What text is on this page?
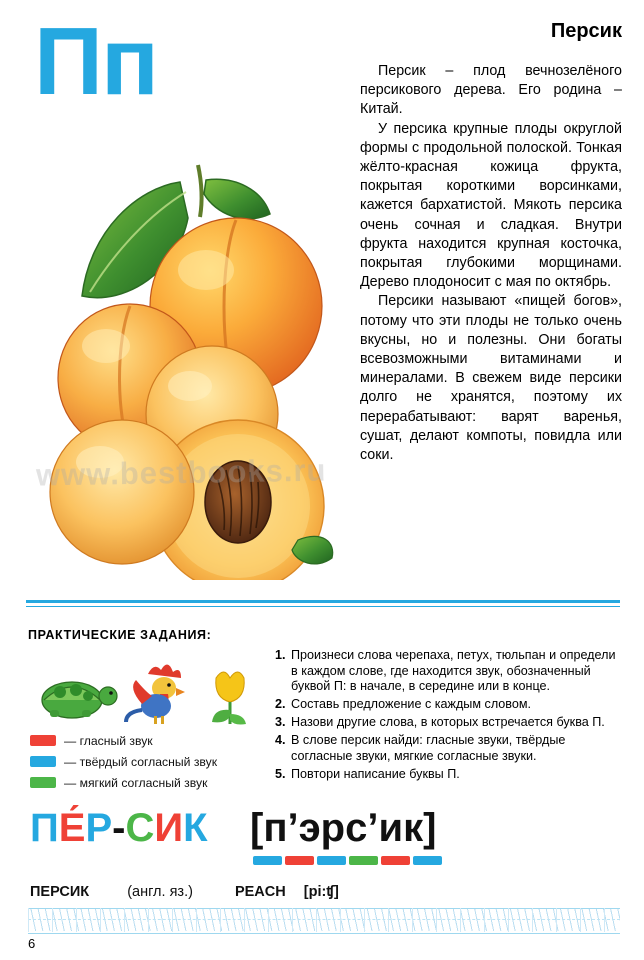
Пп	Персик
www.bestbooks.ru

Персик – плод вечнозелёного персикового дерева. Его родина – Китай.

У персика крупные плоды округлой формы с продольной полоской. Тонкая жёлто-красная кожица фрукта, покрытая короткими ворсинками, кажется бархатистой. Мякоть персика очень сочная и сладкая. Внутри фрукта находится крупная косточка, покрытая глубокими морщинами. Дерево плодоносит с мая по октябрь.

Персики называют «пищей богов», потому что эти плоды не только очень вкусны, но и полезны. Они богаты всевозможными витаминами и минералами. В свежем виде персики долго не хранятся, поэтому их перерабатывают: варят варенья, сушат, делают компоты, повидла или соки.

ПРАКТИЧЕСКИЕ ЗАДАНИЯ:
— гласный звук
— твёрдый согласный звук
— мягкий согласный звук
1. Произнеси слова черепаха, петух, тюльпан и определи в каждом слове, где находится звук, обозначенный буквой П: в начале, в середине или в конце.
2. Составь предложение с каждым словом.
3. Назови другие слова, в которых встречается буква П.
4. В слове персик найди: гласные звуки, твёрдые согласные звуки, мягкие согласные звуки.
5. Повтори написание буквы П.
ПЕ́Р-СИК [п’эрс’ик]
ПЕРСИК	(англ. яз.)	PEACH [pi:ʧ]
6
